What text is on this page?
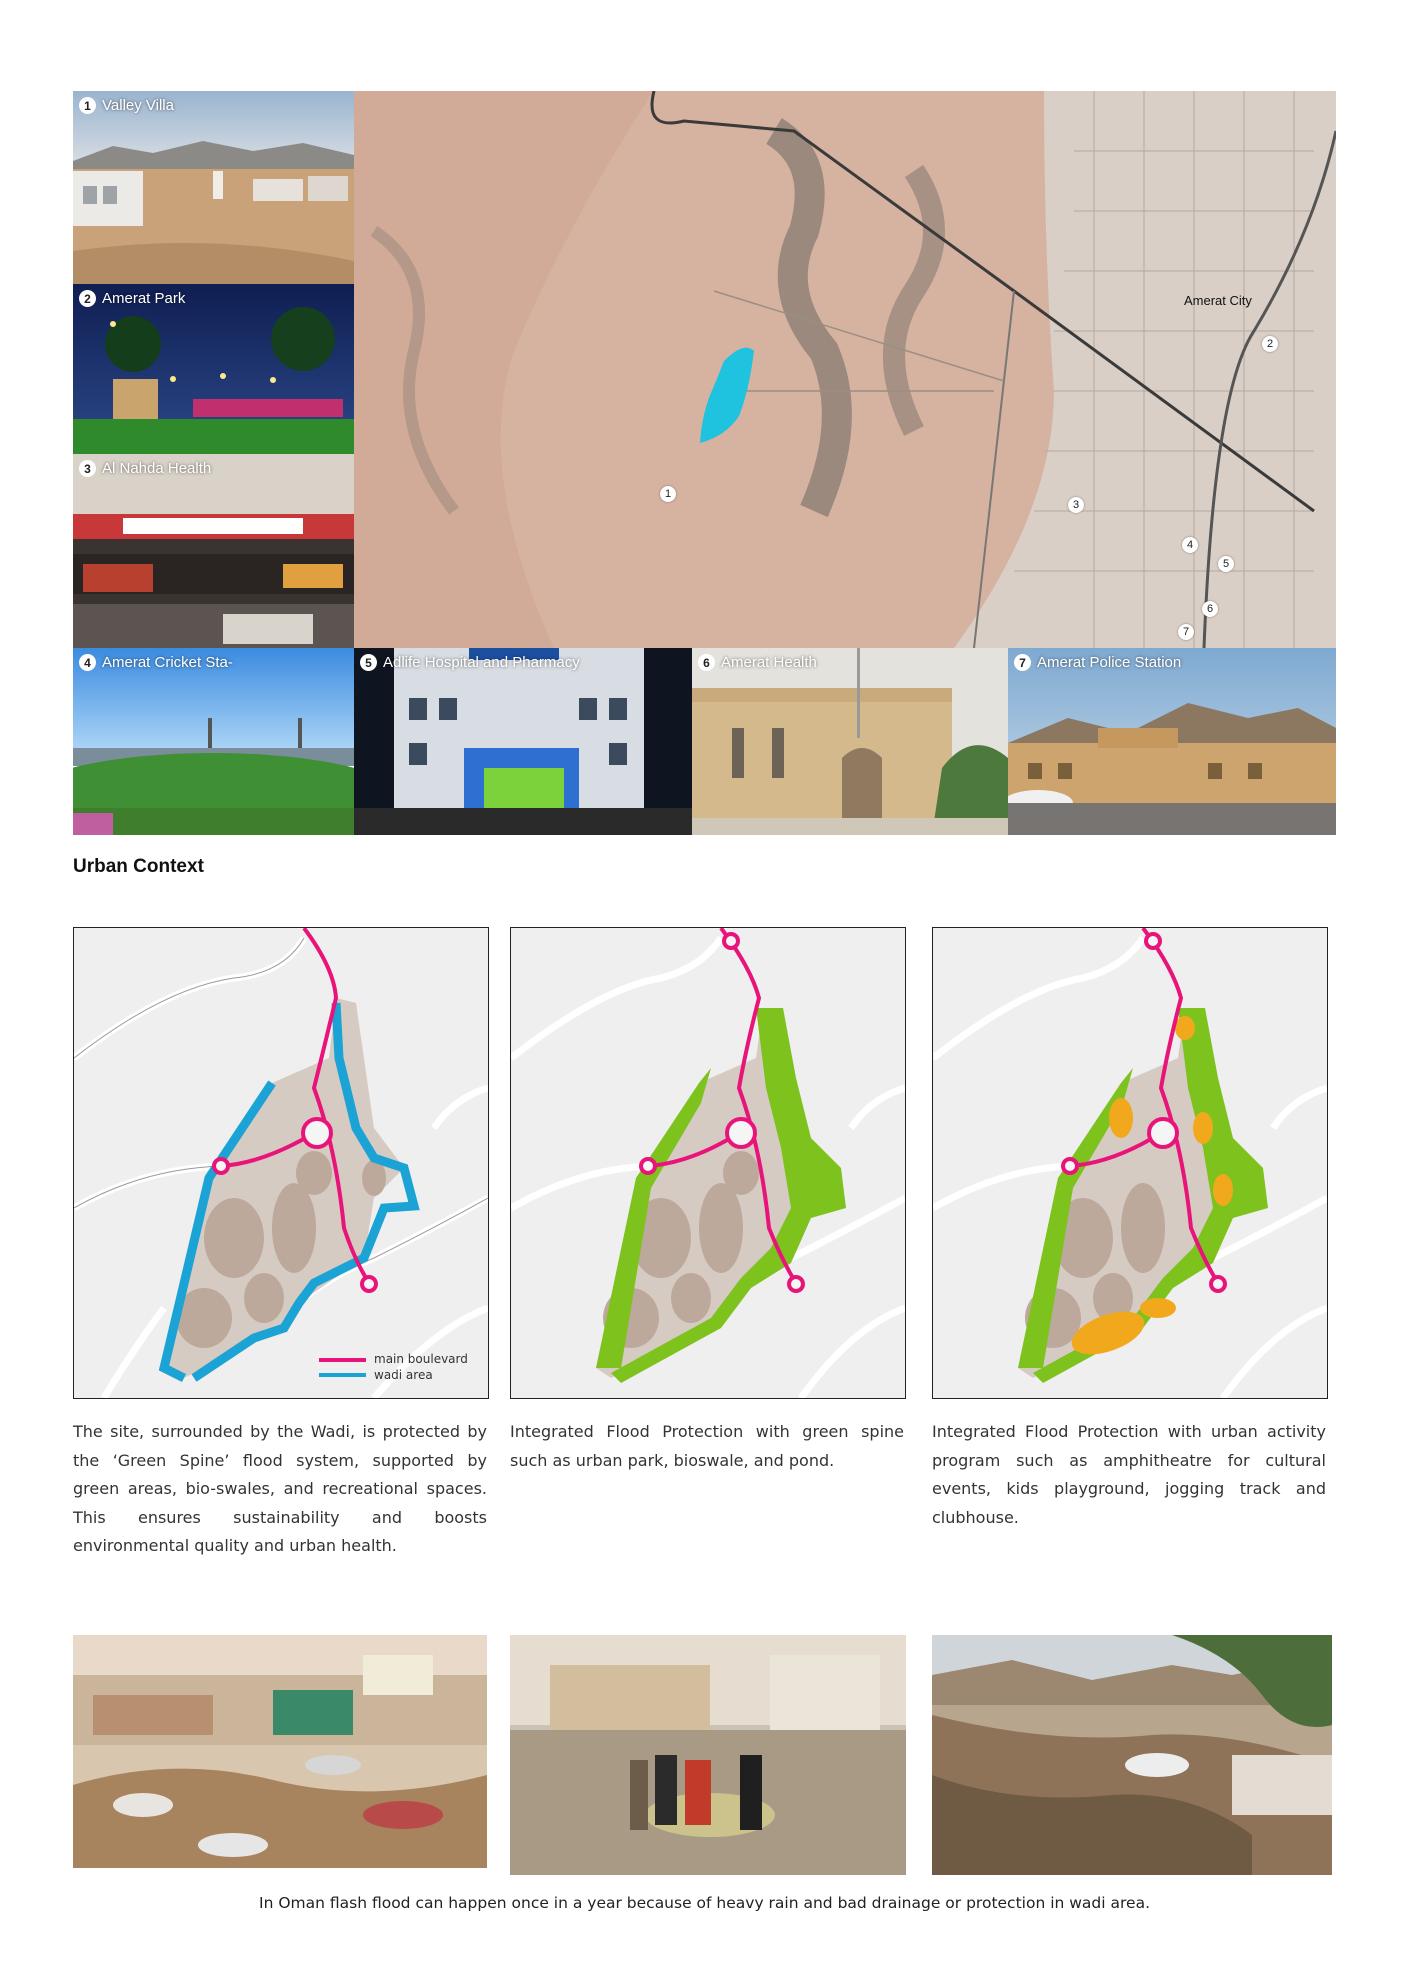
1 Valley Villa
2 Amerat Park
3 Al Nahda Health
Amerat City
1
2
3
4
5
6
7
4 Amerat Cricket Sta-	5 Adlife Hospital and Pharmacy	6 Amerat Health	7 Amerat Police Station
Urban Context
main boulevard
wadi area
The site, surrounded by the Wadi, is protected by the ‘Green Spine’ flood system, supported by green areas, bio-swales, and recreational spaces. This ensures sustainability and boosts environmental quality and urban health.
Integrated Flood Protection with green spine such as urban park, bioswale, and pond.
Integrated Flood Protection with urban activity program such as amphitheatre for cultural events, kids playground, jogging track and clubhouse.
In Oman flash flood can happen once in a year because of heavy rain and bad drainage or protection in wadi area.
